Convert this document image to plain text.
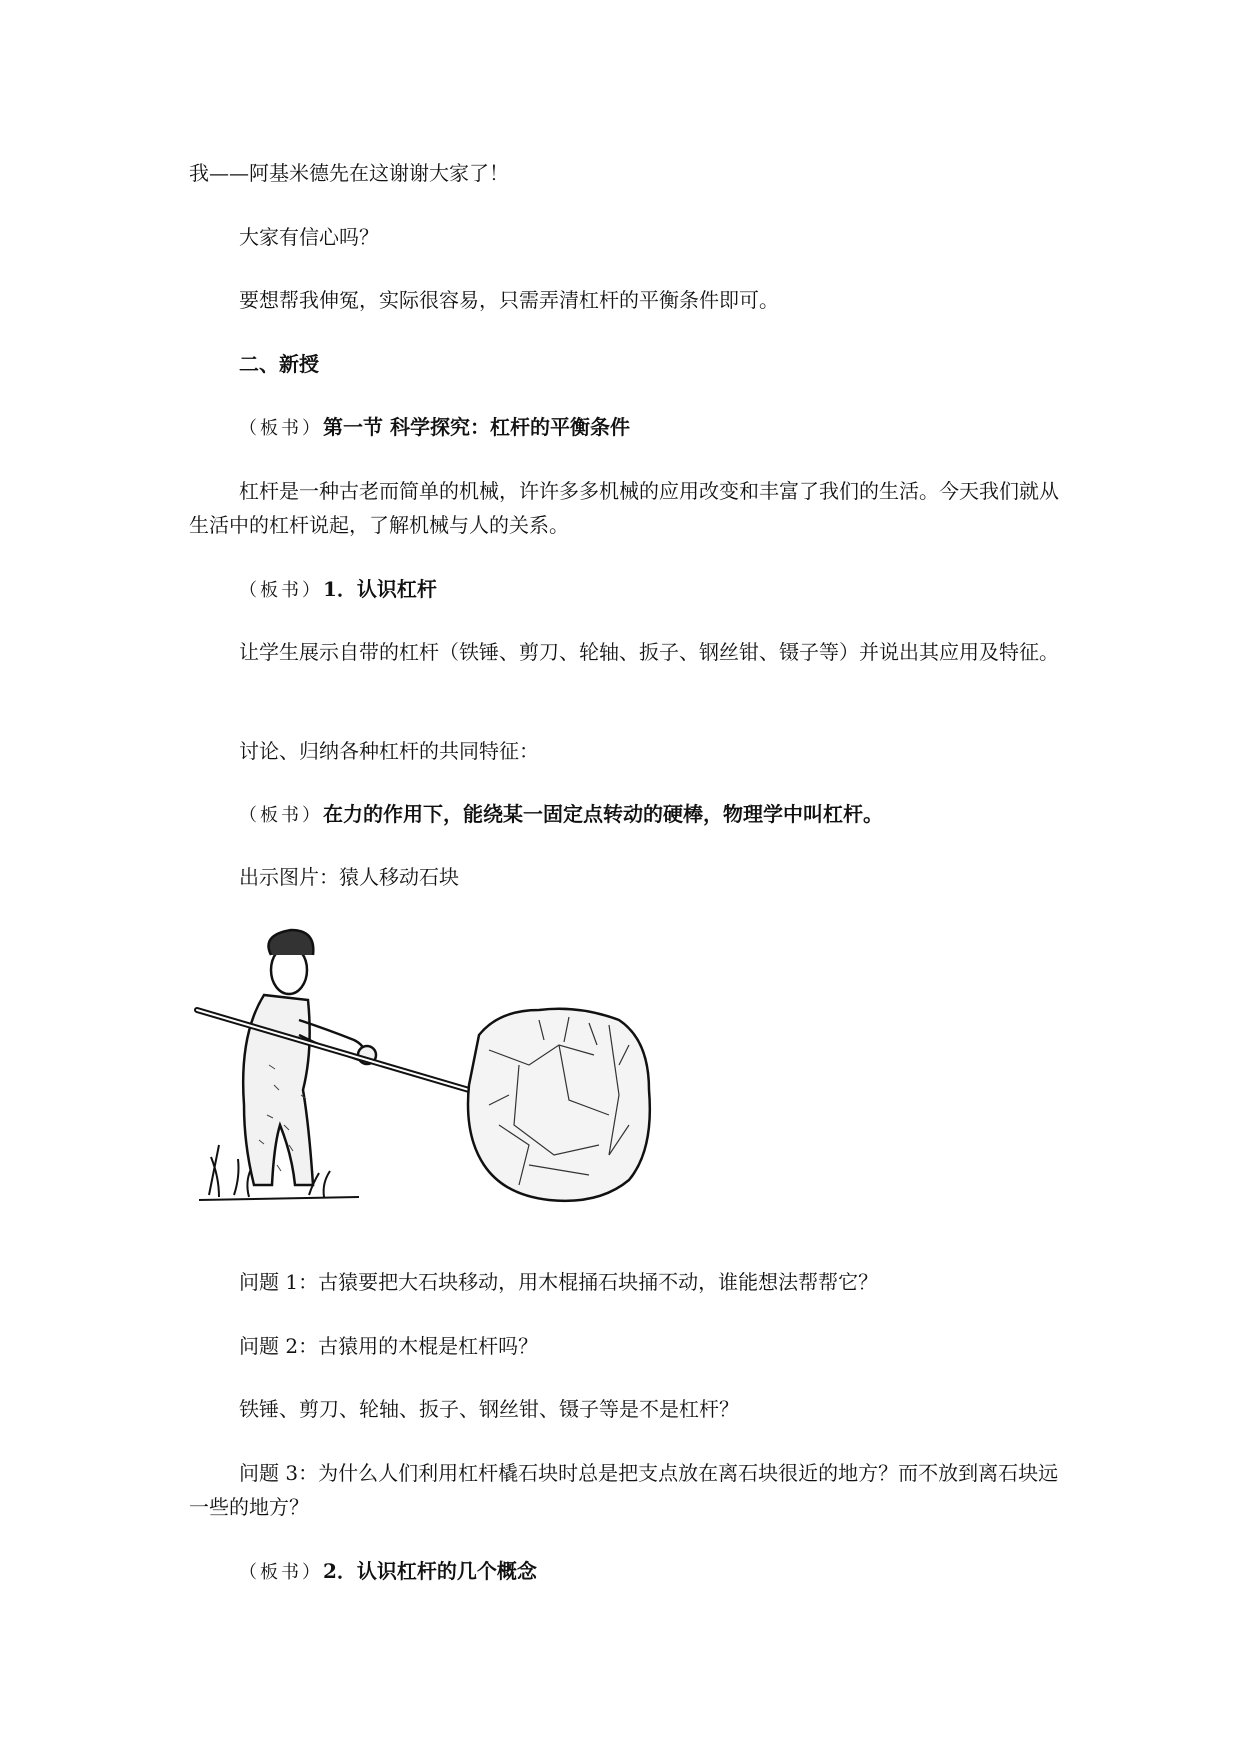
我——阿基米德先在这谢谢大家了！

大家有信心吗？

要想帮我伸冤，实际很容易，只需弄清杠杆的平衡条件即可。

二、新授

（板书）第一节 科学探究：杠杆的平衡条件

杠杆是一种古老而简单的机械，许许多多机械的应用改变和丰富了我们的生活。今天我们就从生活中的杠杆说起，了解机械与人的关系。

（板书）1．认识杠杆

让学生展示自带的杠杆（铁锤、剪刀、轮轴、扳子、钢丝钳、镊子等）并说出其应用及特征。

讨论、归纳各种杠杆的共同特征：

（板书）在力的作用下，能绕某一固定点转动的硬棒，物理学中叫杠杆。

出示图片：猿人移动石块

问题 1：古猿要把大石块移动，用木棍捅石块捅不动，谁能想法帮帮它？

问题 2：古猿用的木棍是杠杆吗？

铁锤、剪刀、轮轴、扳子、钢丝钳、镊子等是不是杠杆？

问题 3：为什么人们利用杠杆橇石块时总是把支点放在离石块很近的地方？而不放到离石块远一些的地方？

（板书）2．认识杠杆的几个概念
